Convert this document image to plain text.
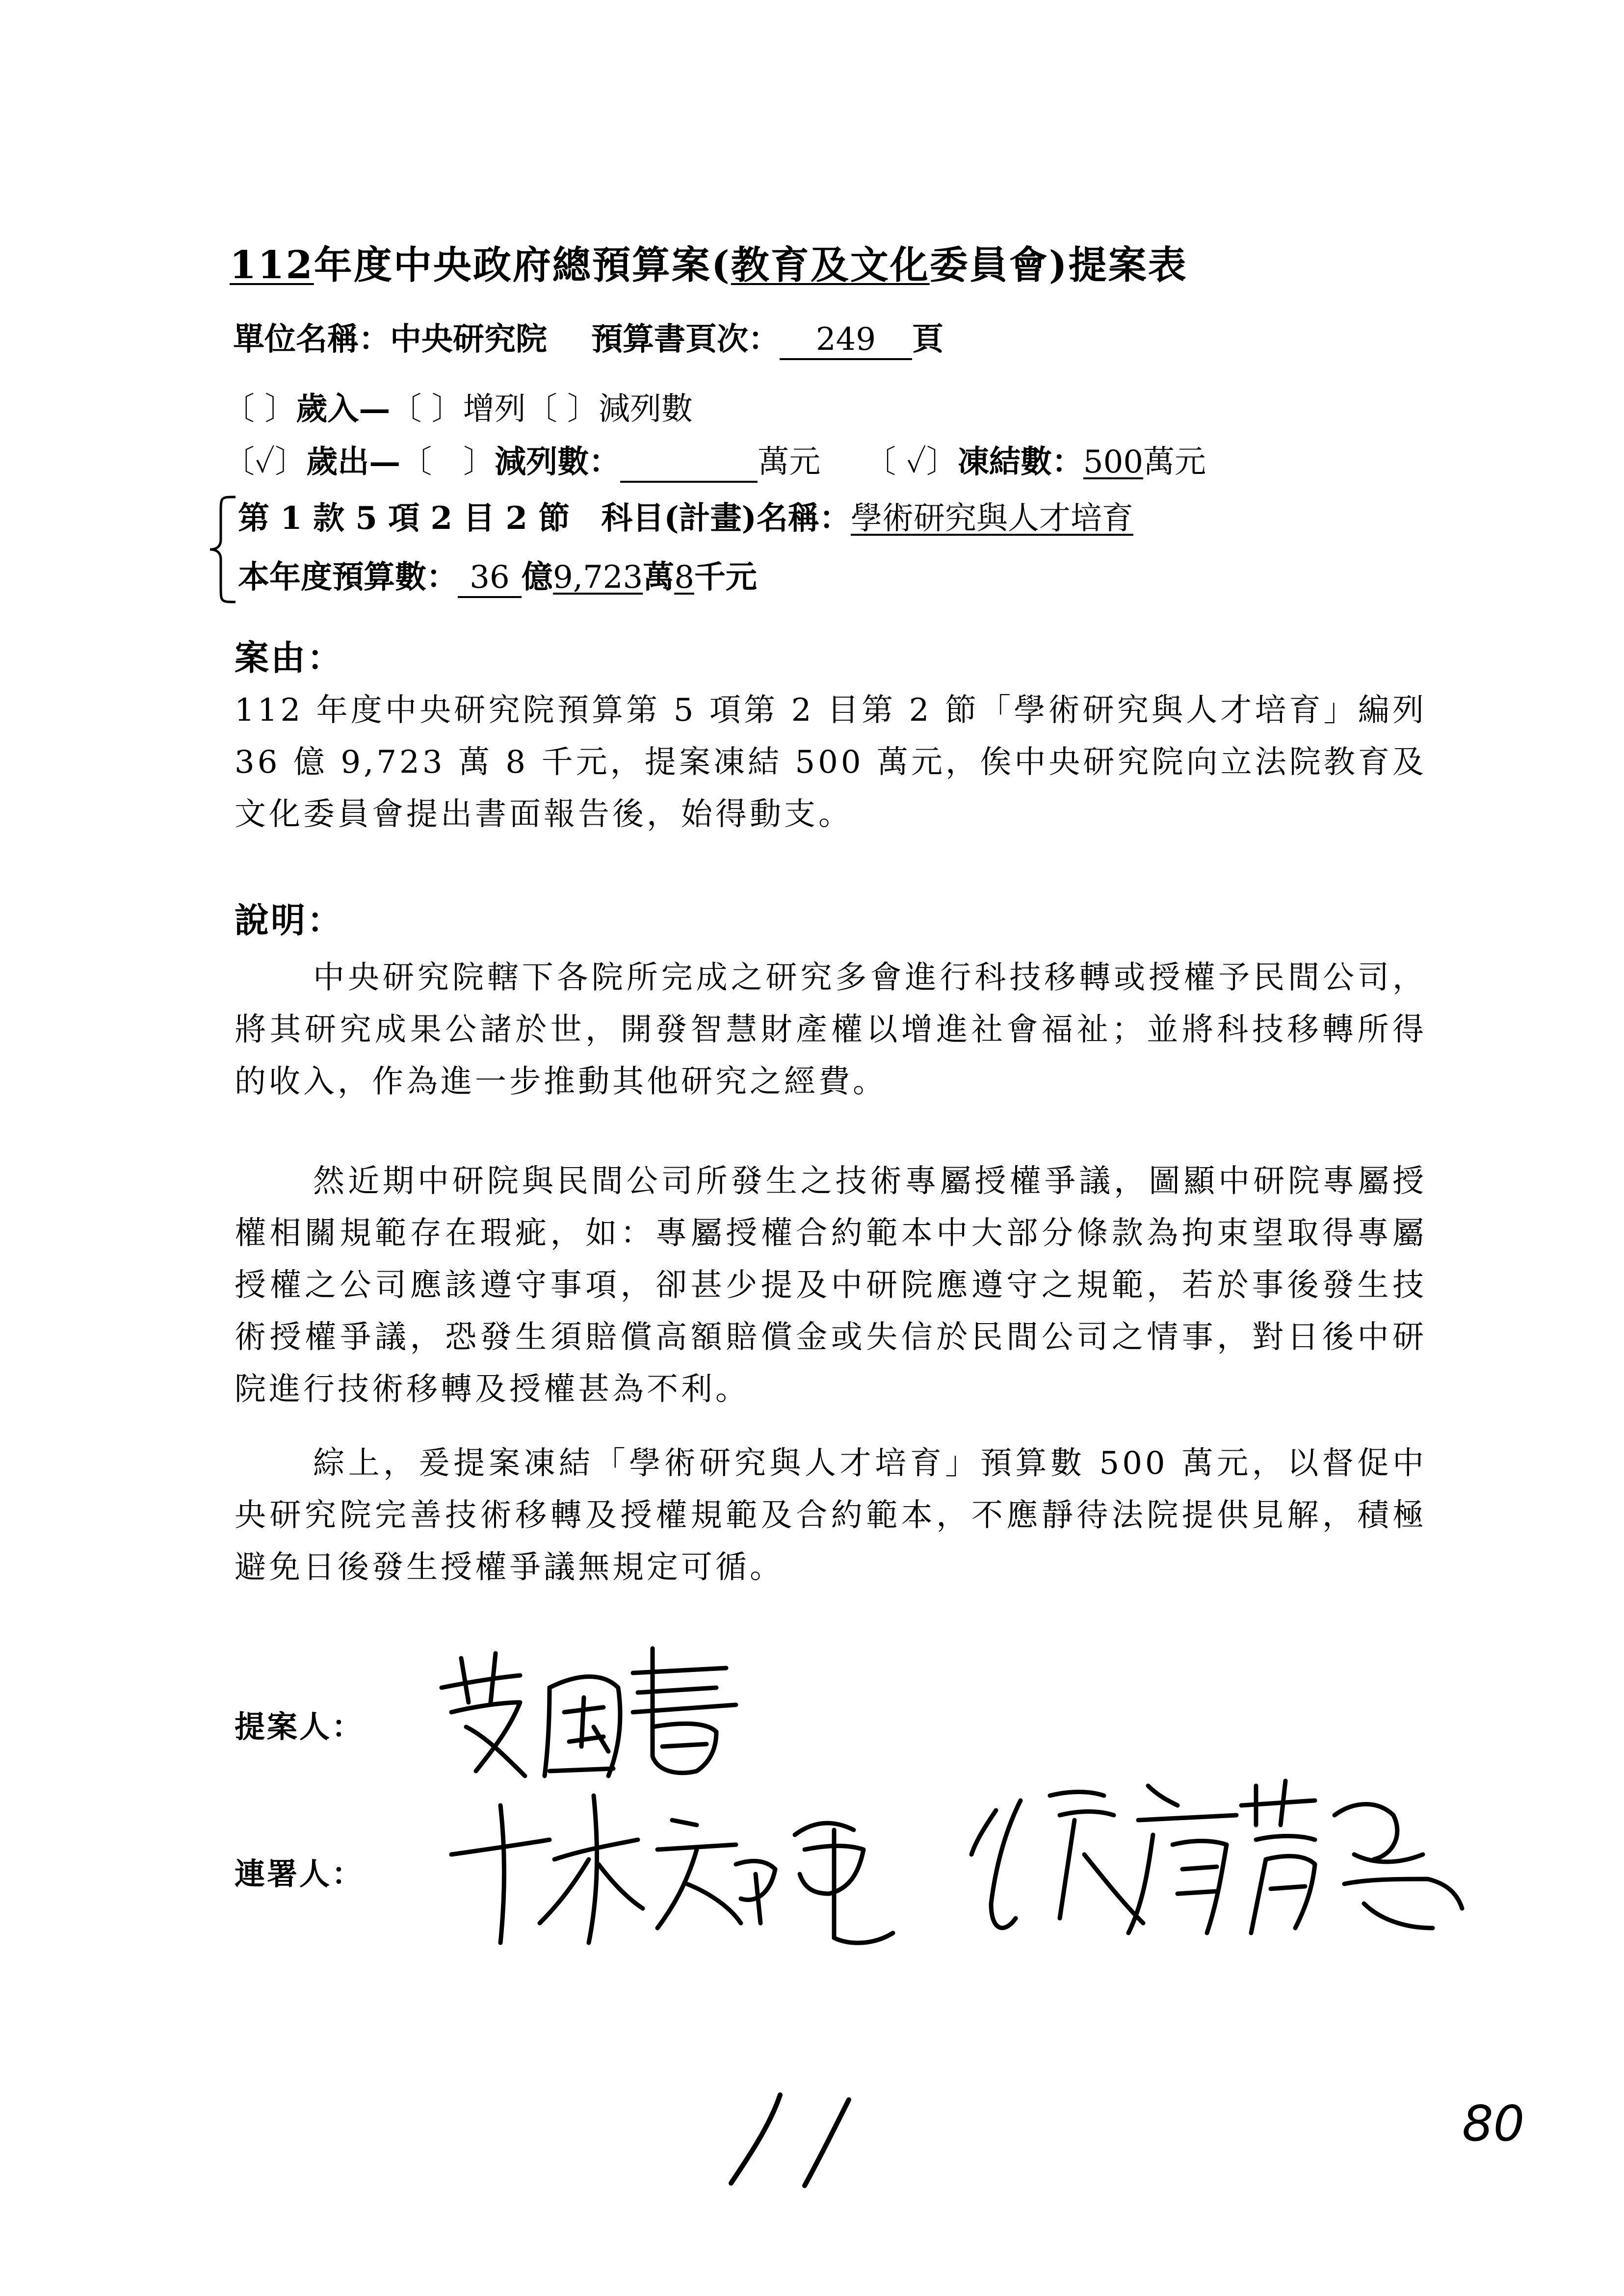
112年度中央政府總預算案(教育及文化委員會)提案表
單位名稱：中央研究院 預算書頁次： 249 頁
〔 〕歲入—〔 〕增列〔 〕減列數
〔✓〕歲出—〔　〕減列數：	萬元 〔 ✓〕凍結數：500萬元
第 1 款 5 項 2 目 2 節　科目(計畫)名稱：學術研究與人才培育
本年度預算數： 36 億9,723萬8千元
案由：
112 年度中央研究院預算第 5 項第 2 目第 2 節「學術研究與人才培育」編列 36 億 9,723 萬 8 千元，提案凍結 500 萬元，俟中央研究院向立法院教育及文化委員會提出書面報告後，始得動支。
說明：
中央研究院轄下各院所完成之研究多會進行科技移轉或授權予民間公司，將其研究成果公諸於世，開發智慧財產權以增進社會福祉；並將科技移轉所得的收入，作為進一步推動其他研究之經費。
然近期中研院與民間公司所發生之技術專屬授權爭議，圖顯中研院專屬授權相關規範存在瑕疵，如：專屬授權合約範本中大部分條款為拘束望取得專屬授權之公司應該遵守事項，卻甚少提及中研院應遵守之規範，若於事後發生技術授權爭議，恐發生須賠償高額賠償金或失信於民間公司之情事，對日後中研院進行技術移轉及授權甚為不利。
綜上，爰提案凍結「學術研究與人才培育」預算數 500 萬元，以督促中央研究院完善技術移轉及授權規範及合約範本，不應靜待法院提供見解，積極避免日後發生授權爭議無規定可循。
提案人：
連署人：
80
